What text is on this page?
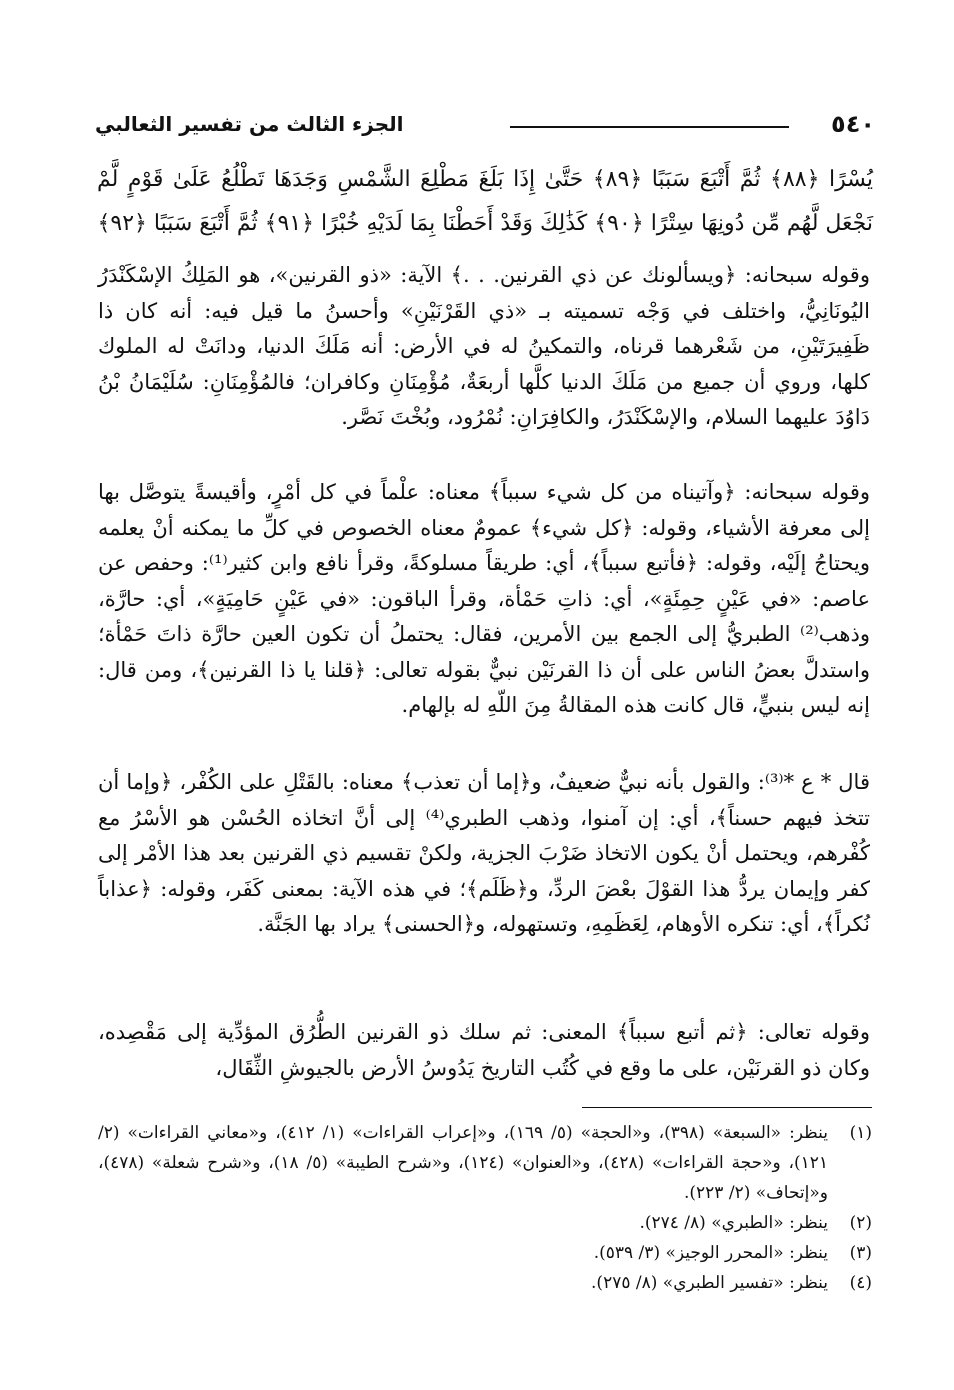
٥٤٠
الجزء الثالث من تفسير الثعالبي
يُسْرًا ﴿٨٨﴾ ثُمَّ أَتْبَعَ سَبَبًا ﴿٨٩﴾ حَتَّىٰ إِذَا بَلَغَ مَطْلِعَ الشَّمْسِ وَجَدَهَا تَطْلُعُ عَلَىٰ قَوْمٍ لَّمْ نَجْعَل لَّهُم مِّن دُونِهَا سِتْرًا ﴿٩٠﴾ كَذَٰلِكَ وَقَدْ أَحَطْنَا بِمَا لَدَيْهِ خُبْرًا ﴿٩١﴾ ثُمَّ أَتْبَعَ سَبَبًا ﴿٩٢﴾

وقوله سبحانه: ﴿ويسألونك عن ذي القرنين. . .﴾ الآية: «ذو القرنين»، هو المَلِكُ الإسْكَنْدَرُ اليُونَانِيُّ، واختلف في وَجْه تسميته بـ «ذي القَرْنَيْنِ» وأحسنُ ما قيل فيه: أنه كان ذا ظَفِيرَتَيْنِ، من شَعْرهما قرناه، والتمكينُ له في الأرض: أنه مَلَكَ الدنيا، ودانَتْ له الملوك كلها، وروي أن جميع من مَلَكَ الدنيا كلَّها أربعَةٌ، مُؤْمِنَانِ وكافران؛ فالمُؤْمِنَانِ: سُلَيْمَانُ بْنُ دَاوُدَ عليهما السلام، والإسْكَنْدَرُ، والكافِرَانِ: نُمْرُود، وبُخْتَ نَصَّر.

وقوله سبحانه: ﴿وآتيناه من كل شيء سبباً﴾ معناه: علْماً في كل أمْرٍ، وأقيسةً يتوصَّل بها إلى معرفة الأشياء، وقوله: ﴿كل شيء﴾ عمومٌ معناه الخصوص في كلِّ ما يمكنه أنْ يعلمه ويحتاجُ إلَيْه، وقوله: ﴿فأتبع سبباً﴾، أي: طريقاً مسلوكةً، وقرأ نافع وابن كثير⁽¹⁾: وحفص عن عاصم: «في عَيْنٍ حِمِئَةٍ»، أي: ذاتِ حَمْأة، وقرأ الباقون: «في عَيْنٍ حَامِيَةٍ»، أي: حارَّة، وذهب⁽²⁾ الطبريُّ إلى الجمع بين الأمرين، فقال: يحتملُ أن تكون العين حارَّة ذاتَ حَمْأة؛ واستدلَّ بعضُ الناس على أن ذا القرنَيْن نبيٌّ بقوله تعالى: ﴿قلنا يا ذا القرنين﴾، ومن قال: إنه ليس بنبيٍّ، قال كانت هذه المقالةُ مِنَ اللّهِ له بإلهام.

قال * ع *⁽³⁾: والقول بأنه نبيٌّ ضعيفٌ، و﴿إما أن تعذب﴾ معناه: بالقَتْلِ على الكُفْر، ﴿وإما أن تتخذ فيهم حسناً﴾، أي: إن آمنوا، وذهب الطبري⁽⁴⁾ إلى أنَّ اتخاذه الحُسْن هو الأسْرُ مع كُفْرهم، ويحتمل أنْ يكون الاتخاذ ضَرْبَ الجزية، ولكنْ تقسيم ذي القرنين بعد هذا الأمْر إلى كفر وإيمان يردُّ هذا القوْلَ بعْضَ الردِّ، و﴿ظَلَم﴾؛ في هذه الآية: بمعنى كَفَر، وقوله: ﴿عذاباً نُكراً﴾، أي: تنكره الأوهام، لِعَظَمِهِ، وتستهوله، و﴿الحسنى﴾ يراد بها الجَنَّة.

وقوله تعالى: ﴿ثم أتبع سبباً﴾ المعنى: ثم سلك ذو القرنين الطُّرُق المؤدِّية إلى مَقْصِده، وكان ذو القرنَيْن، على ما وقع في كُتُب التاريخ يَدُوسُ الأرض بالجيوشِ الثِّقَال،

(١)
ينظر: «السبعة» (٣٩٨)، و«الحجة» (٥/ ١٦٩)، و«إعراب القراءات» (١/ ٤١٢)، و«معاني القراءات» (٢/ ١٢١)، و«حجة القراءات» (٤٢٨)، و«العنوان» (١٢٤)، و«شرح الطيبة» (٥/ ١٨)، و«شرح شعلة» (٤٧٨)، و«إتحاف» (٢/ ٢٢٣).
(٢)
ينظر: «الطبري» (٨/ ٢٧٤).
(٣)
ينظر: «المحرر الوجيز» (٣/ ٥٣٩).
(٤)
ينظر: «تفسير الطبري» (٨/ ٢٧٥).
